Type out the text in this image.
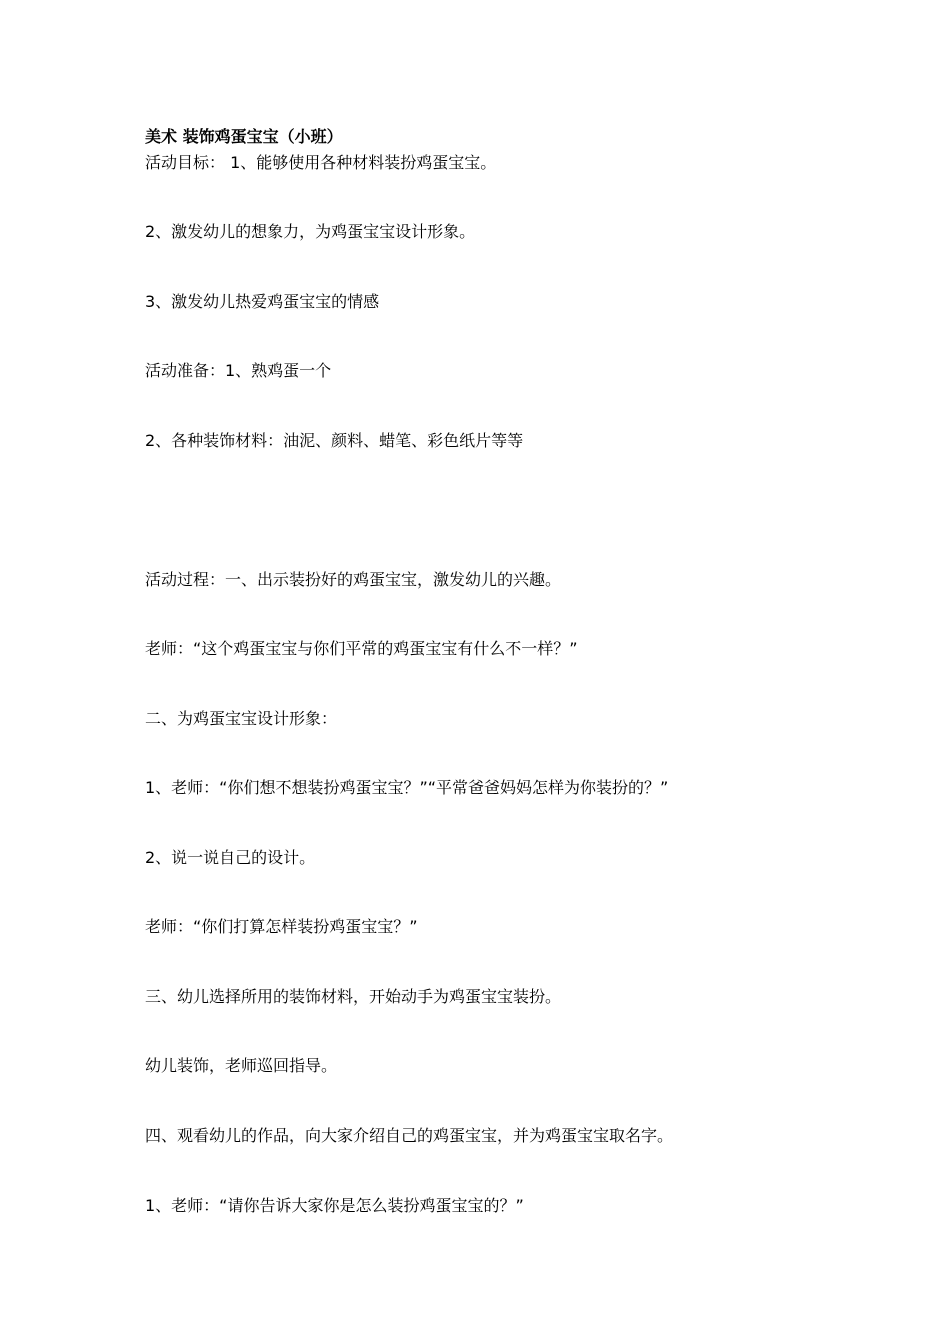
美术 装饰鸡蛋宝宝（小班）
活动目标： 1、能够使用各种材料装扮鸡蛋宝宝。
2、激发幼儿的想象力，为鸡蛋宝宝设计形象。
3、激发幼儿热爱鸡蛋宝宝的情感
活动准备：1、熟鸡蛋一个
2、各种装饰材料：油泥、颜料、蜡笔、彩色纸片等等
活动过程：一、出示装扮好的鸡蛋宝宝，激发幼儿的兴趣。
老师：“这个鸡蛋宝宝与你们平常的鸡蛋宝宝有什么不一样？”
二、为鸡蛋宝宝设计形象：
1、老师：“你们想不想装扮鸡蛋宝宝？”“平常爸爸妈妈怎样为你装扮的？”
2、说一说自己的设计。
老师：“你们打算怎样装扮鸡蛋宝宝？”
三、幼儿选择所用的装饰材料，开始动手为鸡蛋宝宝装扮。
幼儿装饰，老师巡回指导。
四、观看幼儿的作品，向大家介绍自己的鸡蛋宝宝，并为鸡蛋宝宝取名字。
1、老师：“请你告诉大家你是怎么装扮鸡蛋宝宝的？”
